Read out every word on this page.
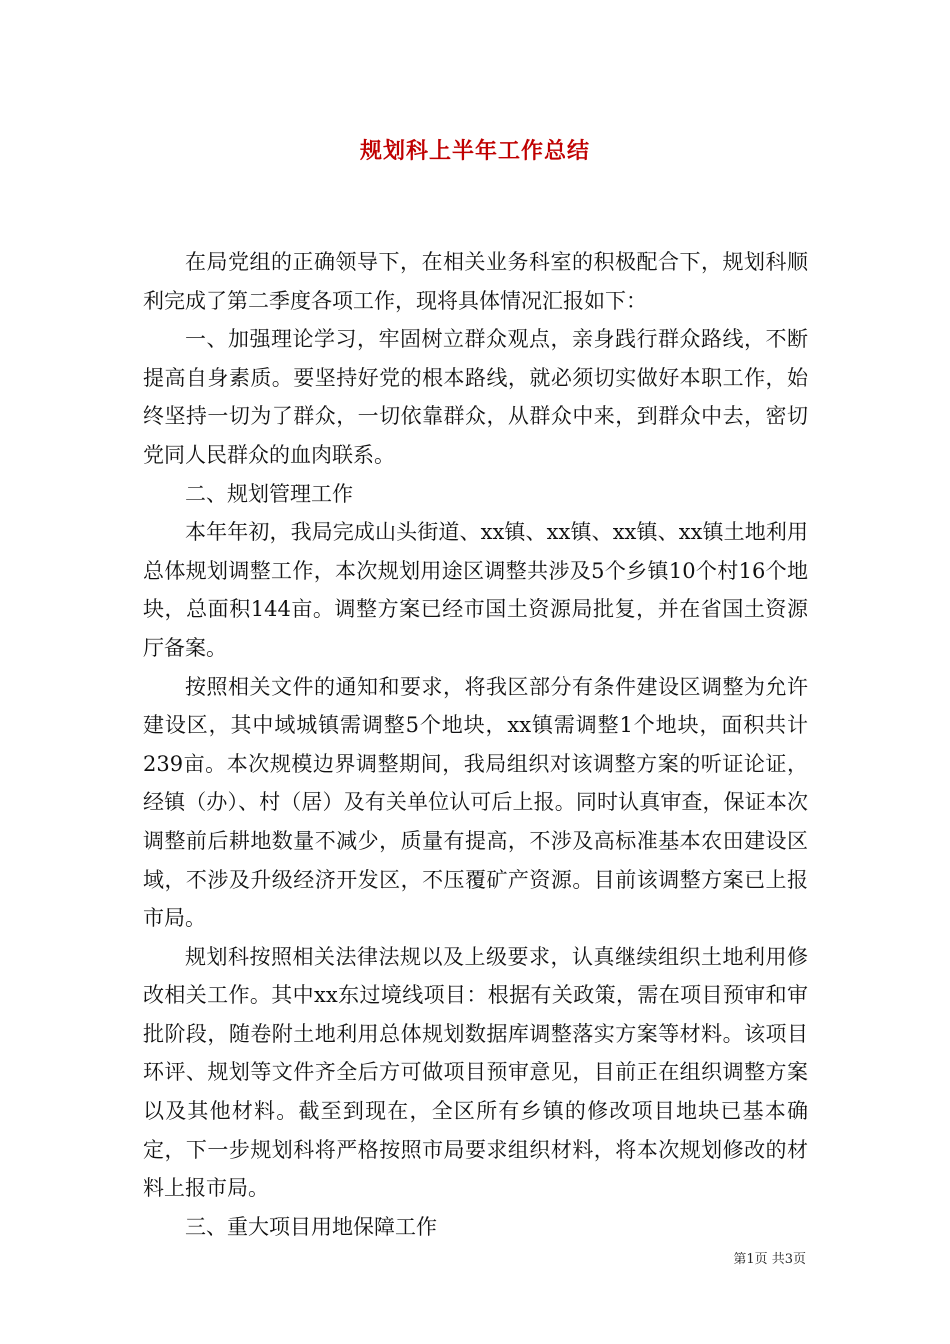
规划科上半年工作总结

在局党组的正确领导下，在相关业务科室的积极配合下，规划科顺利完成了第二季度各项工作，现将具体情况汇报如下：

一、加强理论学习，牢固树立群众观点，亲身践行群众路线，不断提高自身素质。要坚持好党的根本路线，就必须切实做好本职工作，始终坚持一切为了群众，一切依靠群众，从群众中来，到群众中去，密切党同人民群众的血肉联系。

二、规划管理工作

本年年初，我局完成山头街道、xx镇、xx镇、xx镇、xx镇土地利用总体规划调整工作，本次规划用途区调整共涉及5个乡镇10个村16个地块，总面积144亩。调整方案已经市国土资源局批复，并在省国土资源厅备案。

按照相关文件的通知和要求，将我区部分有条件建设区调整为允许建设区，其中域城镇需调整5个地块，xx镇需调整1个地块，面积共计239亩。本次规模边界调整期间，我局组织对该调整方案的听证论证，经镇（办）、村（居）及有关单位认可后上报。同时认真审查，保证本次调整前后耕地数量不减少，质量有提高，不涉及高标准基本农田建设区域，不涉及升级经济开发区，不压覆矿产资源。目前该调整方案已上报市局。

规划科按照相关法律法规以及上级要求，认真继续组织土地利用修改相关工作。其中xx东过境线项目：根据有关政策，需在项目预审和审批阶段，随卷附土地利用总体规划数据库调整落实方案等材料。该项目环评、规划等文件齐全后方可做项目预审意见，目前正在组织调整方案以及其他材料。截至到现在，全区所有乡镇的修改项目地块已基本确定，下一步规划科将严格按照市局要求组织材料，将本次规划修改的材料上报市局。

三、重大项目用地保障工作

第1页 共3页
